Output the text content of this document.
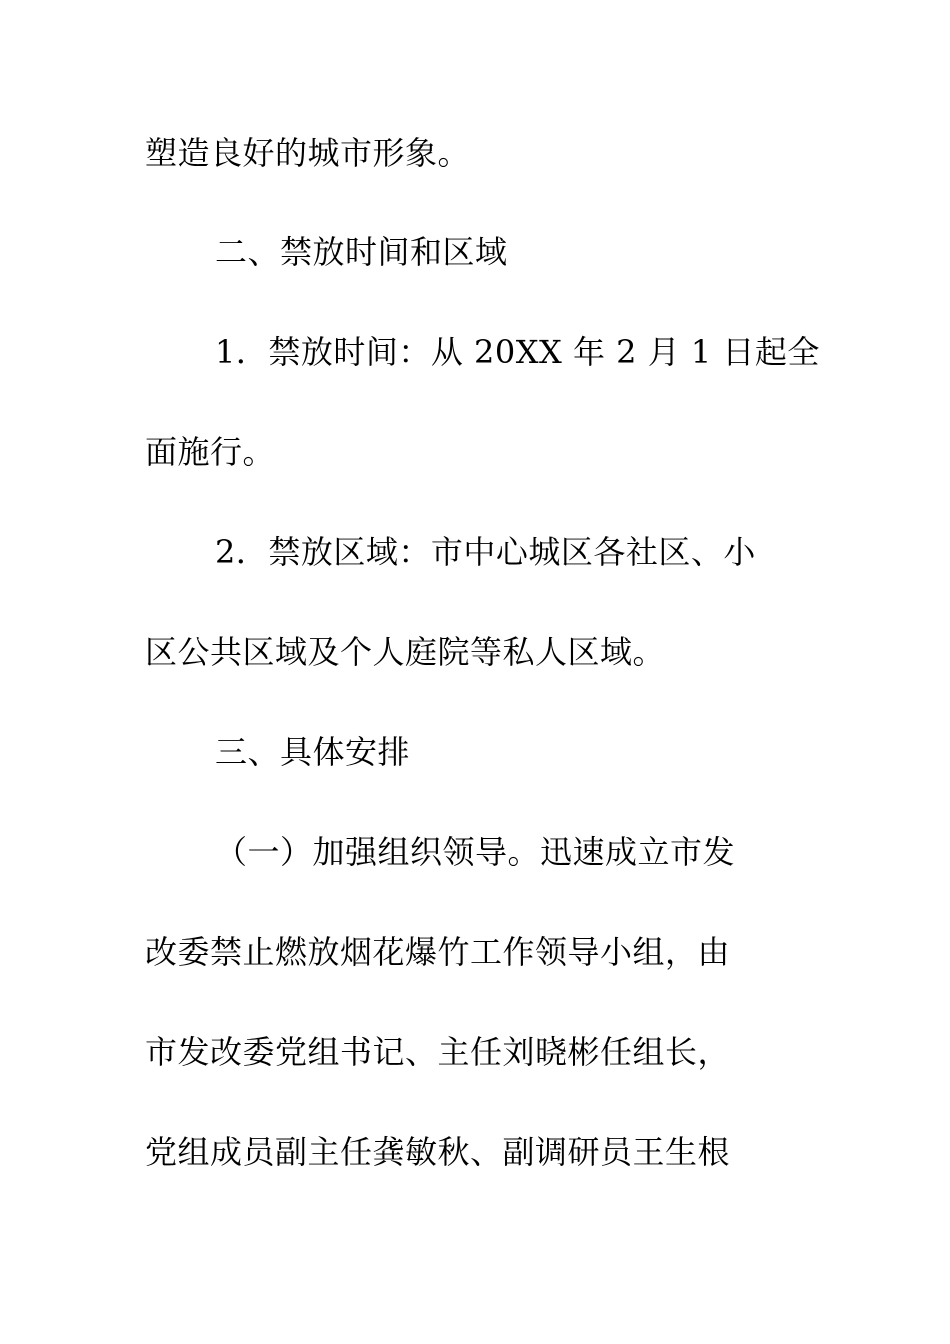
塑造良好的城市形象。
二、禁放时间和区域
1．禁放时间：从 20XX 年 2 月 1 日起全
面施行。
2．禁放区域：市中心城区各社区、小
区公共区域及个人庭院等私人区域。
三、具体安排
（一）加强组织领导。迅速成立市发
改委禁止燃放烟花爆竹工作领导小组，由
市发改委党组书记、主任刘晓彬任组长，
党组成员副主任龚敏秋、副调研员王生根
